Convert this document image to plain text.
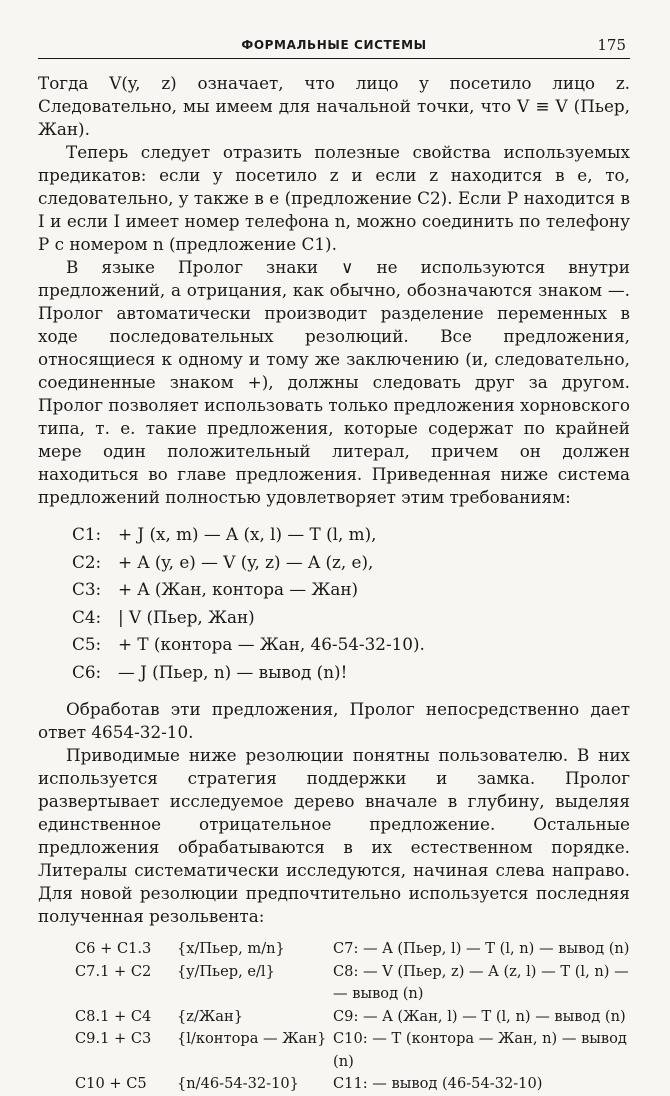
ФОРМАЛЬНЫЕ СИСТЕМЫ	175

Тогда V(y, z) означает, что лицо y посетило лицо z. Следовательно, мы имеем для начальной точки, что V ≡ V (Пьер, Жан).

Теперь следует отразить полезные свойства используемых предикатов: если y посетило z и если z находится в e, то, следовательно, y также в e (предложение C2). Если P находится в I и если I имеет номер телефона n, можно соединить по телефону P с номером n (предложение C1).

В языке Пролог знаки ∨ не используются внутри предложений, а отрицания, как обычно, обозначаются знаком —. Пролог автоматически производит разделение переменных в ходе последовательных резолюций. Все предложения, относящиеся к одному и тому же заключению (и, следовательно, соединенные знаком +), должны следовать друг за другом. Пролог позволяет использовать только предложения хорновского типа, т. е. такие предложения, которые содержат по крайней мере один положительный литерал, причем он должен находиться во главе предложения. Приведенная ниже система предложений полностью удовлетворяет этим требованиям:

C1:	+ J (x, m) — A (x, l) — T (l, m),
C2:	+ A (y, e) — V (y, z) — A (z, e),
C3:	+ A (Жан, контора — Жан)
C4:	| V (Пьер, Жан)
C5:	+ T (контора — Жан, 46-54-32-10).
C6:	— J (Пьер, n) — вывод (n)!

Обработав эти предложения, Пролог непосредственно дает ответ 4654-32-10.

Приводимые ниже резолюции понятны пользователю. В них используется стратегия поддержки и замка. Пролог развертывает исследуемое дерево вначале в глубину, выделяя единственное отрицательное предложение. Остальные предложения обрабатываются в их естественном порядке. Литералы систематически исследуются, начиная слева направо. Для новой резолюции предпочтительно используется последняя полученная резольвента:

C6 + C1.3	{x/Пьер, m/n}	C7: — A (Пьер, l) — T (l, n) — вывод (n)
C7.1 + C2	{y/Пьер, e/l}	C8: — V (Пьер, z) — A (z, l) — T (l, n) —
— вывод (n)
C8.1 + C4	{z/Жан}	C9: — A (Жан, l) — T (l, n) — вывод (n)
C9.1 + C3	{l/контора — Жан} C10: — T (контора — Жан, n) — вывод (n)
C10 + C5	{n/46-54-32-10}	C11: — вывод (46-54-32-10)
